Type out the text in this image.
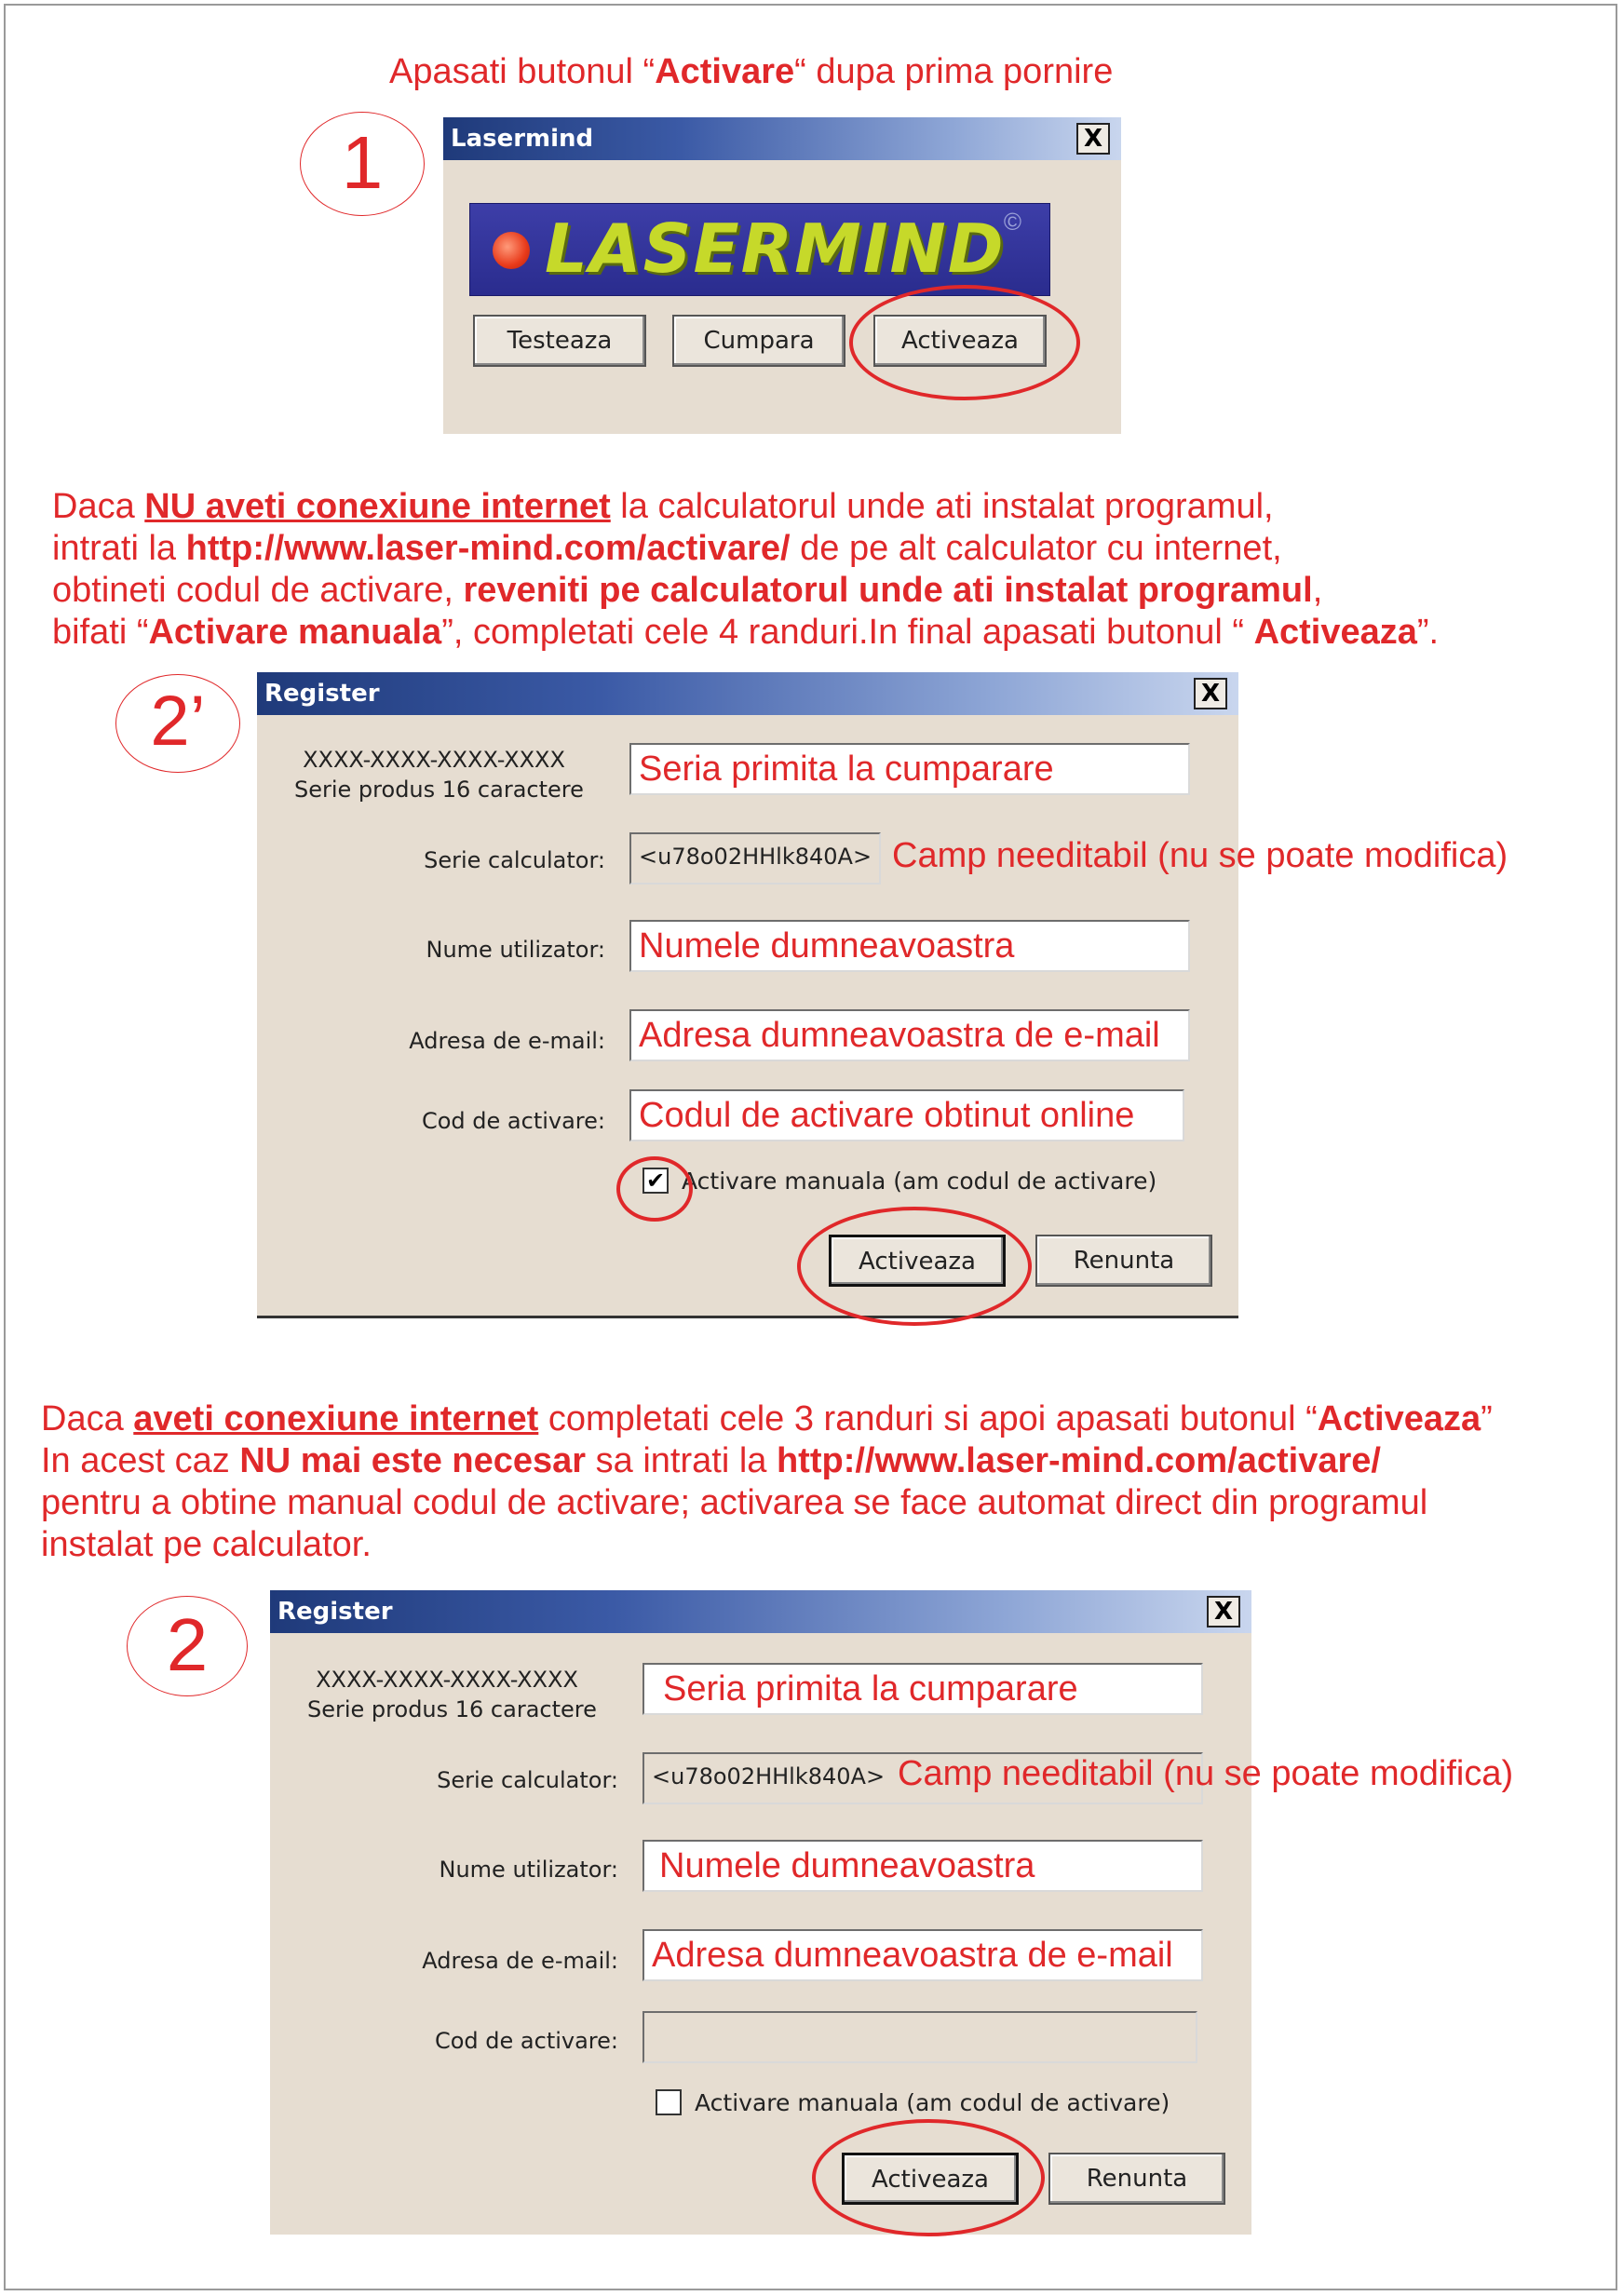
Apasati butonul “Activare“ dupa prima pornire
1	Lasermind	X
LASERMIND
©
Testeaza	Cumpara	Activeaza
Daca NU aveti conexiune internet la calculatorul unde ati instalat programul,
intrati la http://www.laser-mind.com/activare/ de pe alt calculator cu internet,
obtineti codul de activare, reveniti pe calculatorul unde ati instalat programul,
bifati “Activare manuala”, completati cele 4 randuri.In final apasati butonul “ Activeaza”.
2’	Register	X
XXXX-XXXX-XXXX-XXXX
Serie produs 16 caractere
Seria primita la cumparare
Serie calculator:	<u78o02HHlk840A>
Nume utilizator: Numele dumneavoastra
Adresa de e-mail: Adresa dumneavoastra de e-mail
Cod de activare: Codul de activare obtinut online
✔ Activare manuala (am codul de activare)
Activeaza	Renunta
Camp needitabil (nu se poate modifica)
Daca aveti conexiune internet completati cele 3 randuri si apoi apasati butonul “Activeaza”
In acest caz NU mai este necesar sa intrati la http://www.laser-mind.com/activare/
pentru a obtine manual codul de activare; activarea se face automat direct din programul
instalat pe calculator.
2	Register	X
XXXX-XXXX-XXXX-XXXX
Serie produs 16 caractere
Seria primita la cumparare
Serie calculator:	<u78o02HHlk840A>
Nume utilizator:	Numele dumneavoastra
Adresa de e-mail: Adresa dumneavoastra de e-mail
Cod de activare:
Activare manuala (am codul de activare)
Activeaza	Renunta
Camp needitabil (nu se poate modifica)
